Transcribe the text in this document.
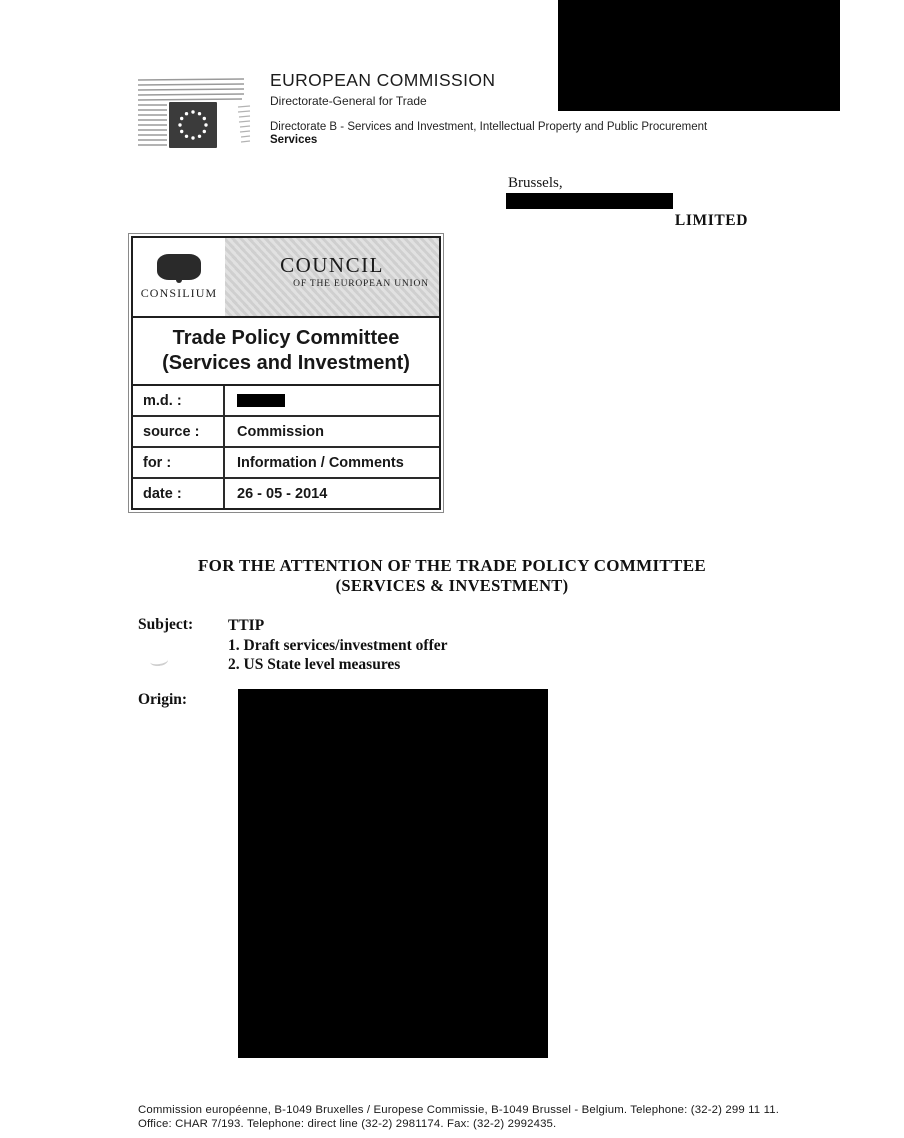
EUROPEAN COMMISSION
Directorate-General for Trade
Directorate B - Services and Investment, Intellectual Property and Public Procurement
Services
Brussels,
LIMITED
CONSILIUM
COUNCIL
OF THE EUROPEAN UNION
Trade Policy Committee
(Services and Investment)
m.d. :
source :	Commission
for :	Information / Comments
date :	26 - 05 - 2014
FOR THE ATTENTION OF THE TRADE POLICY COMMITTEE
(SERVICES & INVESTMENT)
Subject: TTIP
1. Draft services/investment offer
2. US State level measures
Origin:
Commission européenne, B-1049 Bruxelles / Europese Commissie, B-1049 Brussel - Belgium. Telephone: (32-2) 299 11 11.
Office: CHAR 7/193. Telephone: direct line (32-2) 2981174. Fax: (32-2) 2992435.
